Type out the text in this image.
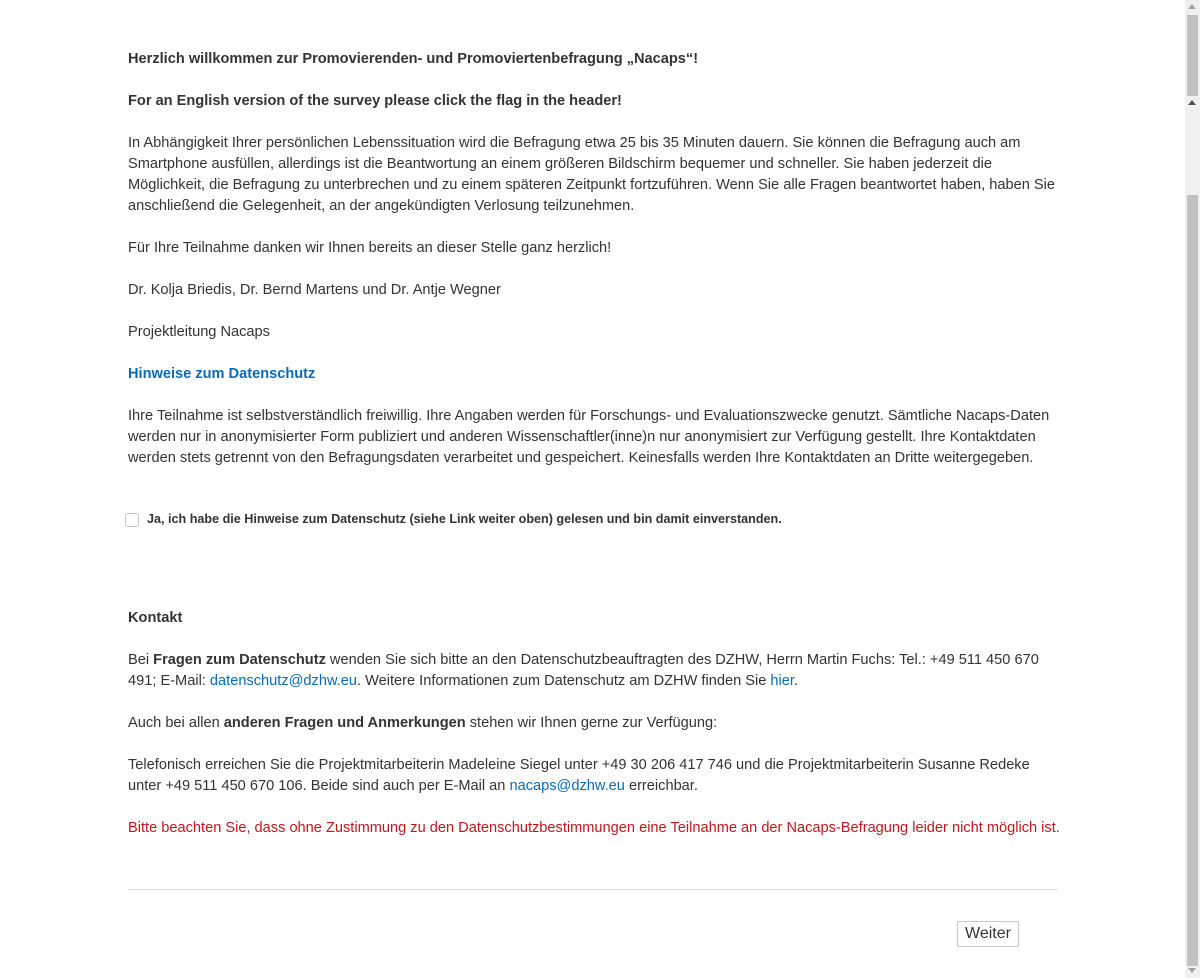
Herzlich willkommen zur Promovierenden- und Promoviertenbefragung „Nacaps“!

For an English version of the survey please click the flag in the header!

In Abhängigkeit Ihrer persönlichen Lebenssituation wird die Befragung etwa 25 bis 35 Minuten dauern. Sie können die Befragung auch am Smartphone ausfüllen, allerdings ist die Beantwortung an einem größeren Bildschirm bequemer und schneller. Sie haben jederzeit die Möglichkeit, die Befragung zu unterbrechen und zu einem späteren Zeitpunkt fortzuführen. Wenn Sie alle Fragen beantwortet haben, haben Sie anschließend die Gelegenheit, an der angekündigten Verlosung teilzunehmen.

Für Ihre Teilnahme danken wir Ihnen bereits an dieser Stelle ganz herzlich!

Dr. Kolja Briedis, Dr. Bernd Martens und Dr. Antje Wegner

Projektleitung Nacaps

Hinweise zum Datenschutz

Ihre Teilnahme ist selbstverständlich freiwillig. Ihre Angaben werden für Forschungs- und Evaluationszwecke genutzt. Sämtliche Nacaps-Daten werden nur in anonymisierter Form publiziert und anderen Wissenschaftler(inne)n nur anonymisiert zur Verfügung gestellt. Ihre Kontaktdaten werden stets getrennt von den Befragungsdaten verarbeitet und gespeichert. Keinesfalls werden Ihre Kontaktdaten an Dritte weitergegeben.

Ja, ich habe die Hinweise zum Datenschutz (siehe Link weiter oben) gelesen und bin damit einverstanden.

Kontakt

Bei Fragen zum Datenschutz wenden Sie sich bitte an den Datenschutzbeauftragten des DZHW, Herrn Martin Fuchs: Tel.: +49 511 450 670 491; E-Mail: datenschutz@dzhw.eu. Weitere Informationen zum Datenschutz am DZHW finden Sie hier.

Auch bei allen anderen Fragen und Anmerkungen stehen wir Ihnen gerne zur Verfügung:

Telefonisch erreichen Sie die Projektmitarbeiterin Madeleine Siegel unter +49 30 206 417 746 und die Projektmitarbeiterin Susanne Redeke unter +49 511 450 670 106. Beide sind auch per E-Mail an nacaps@dzhw.eu erreichbar.

Bitte beachten Sie, dass ohne Zustimmung zu den Datenschutzbestimmungen eine Teilnahme an der Nacaps-Befragung leider nicht möglich ist.

Weiter
